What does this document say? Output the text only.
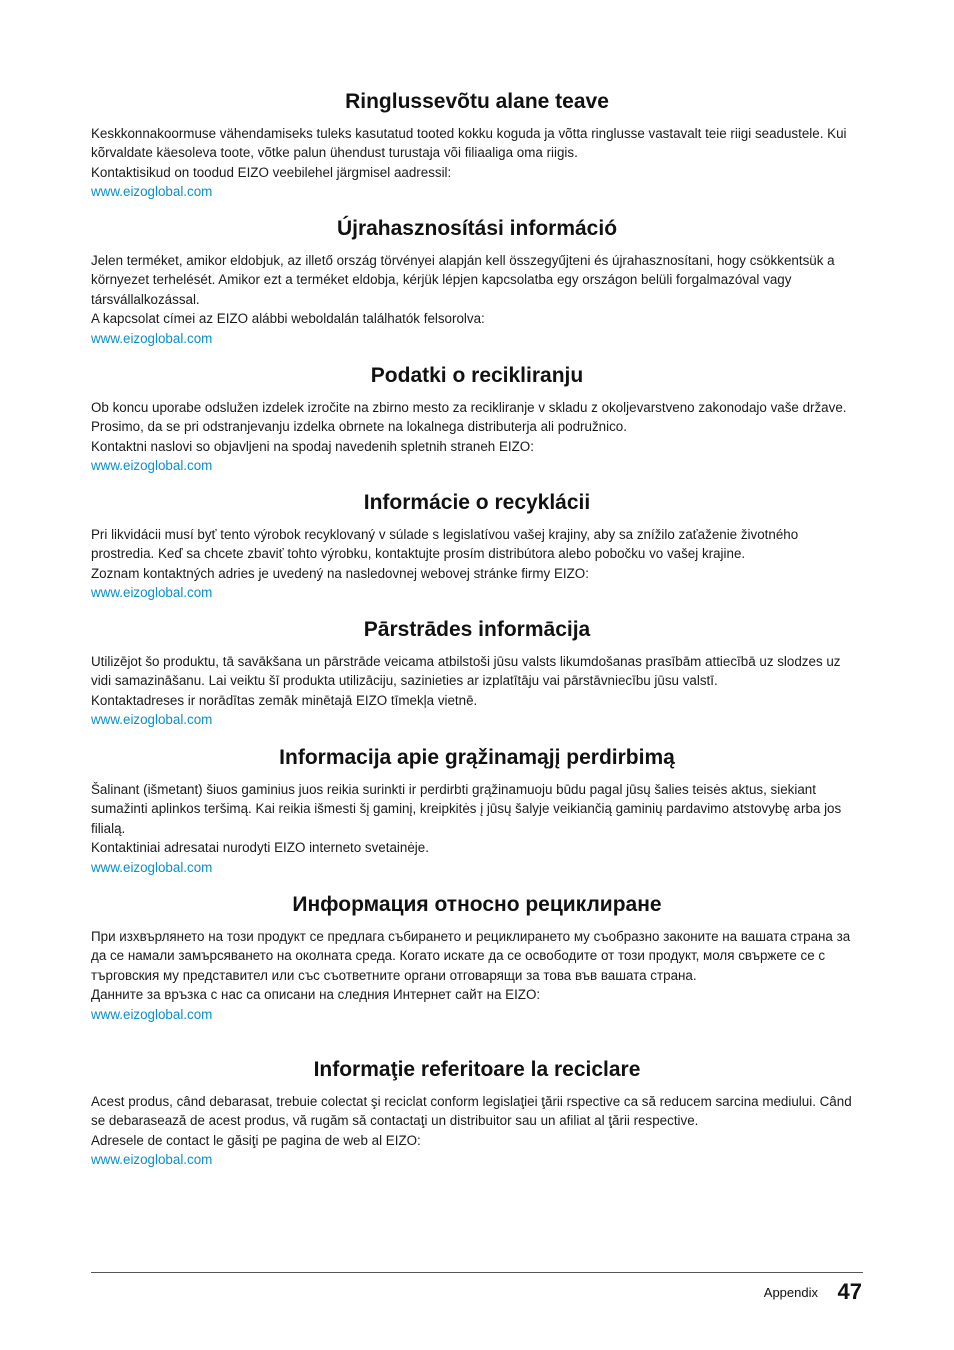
Ringlussevõtu alane teave

Keskkonnakoormuse vähendamiseks tuleks kasutatud tooted kokku koguda ja võtta ringlusse vastavalt teie riigi seadustele. Kui kõrvaldate käesoleva toote, võtke palun ühendust turustaja või filiaaliga oma riigis.

Kontaktisikud on toodud EIZO veebilehel järgmisel aadressil:

www.eizoglobal.com
Újrahasznosítási információ

Jelen terméket, amikor eldobjuk, az illető ország törvényei alapján kell összegyűjteni és újrahasznosítani, hogy csökkentsük a környezet terhelését. Amikor ezt a terméket eldobja, kérjük lépjen kapcsolatba egy országon belüli forgalmazóval vagy társvállalkozással.

A kapcsolat címei az EIZO alábbi weboldalán találhatók felsorolva:

www.eizoglobal.com
Podatki o recikliranju

Ob koncu uporabe odslužen izdelek izročite na zbirno mesto za recikliranje v skladu z okoljevarstveno zakonodajo vaše države. Prosimo, da se pri odstranjevanju izdelka obrnete na lokalnega distributerja ali podružnico.

Kontaktni naslovi so objavljeni na spodaj navedenih spletnih straneh EIZO:

www.eizoglobal.com
Informácie o recyklácii

Pri likvidácii musí byť tento výrobok recyklovaný v súlade s legislatívou vašej krajiny, aby sa znížilo zaťaženie životného prostredia. Keď sa chcete zbaviť tohto výrobku, kontaktujte prosím distribútora alebo pobočku vo vašej krajine.

Zoznam kontaktných adries je uvedený na nasledovnej webovej stránke firmy EIZO:

www.eizoglobal.com
Pārstrādes informācija

Utilizējot šo produktu, tā savākšana un pārstrāde veicama atbilstoši jūsu valsts likumdošanas prasībām attiecībā uz slodzes uz vidi samazināšanu. Lai veiktu šī produkta utilizāciju, sazinieties ar izplatītāju vai pārstāvniecību jūsu valstī.

Kontaktadreses ir norādītas zemāk minētajā EIZO tīmekļa vietnē.

www.eizoglobal.com
Informacija apie grąžinamąjį perdirbimą

Šalinant (išmetant) šiuos gaminius juos reikia surinkti ir perdirbti grąžinamuoju būdu pagal jūsų šalies teisės aktus, siekiant sumažinti aplinkos teršimą. Kai reikia išmesti šį gaminį, kreipkitės į jūsų šalyje veikiančią gaminių pardavimo atstovybę arba jos filialą.

Kontaktiniai adresatai nurodyti EIZO interneto svetainėje.

www.eizoglobal.com
Информация относно рециклиране

При изхвърлянето на този продукт се предлага събирането и рециклирането му съобразно законите на вашата страна за да се намали замърсяването на околната среда. Когато искате да се освободите от този продукт, моля свържете се с търговския му представител или със съответните органи отговарящи за това във вашата страна.

Данните за връзка с нас са описани на следния Интернет сайт на EIZO:

www.eizoglobal.com
Informaţie referitoare la reciclare

Acest produs, când debarasat, trebuie colectat şi reciclat conform legislaţiei ţării rspective ca să reducem sarcina mediului. Când se debarasează de acest produs, vă rugăm să contactaţi un distribuitor sau un afiliat al ţării respective.

Adresele de contact le găsiţi pe pagina de web al EIZO:

www.eizoglobal.com
Appendix 47
